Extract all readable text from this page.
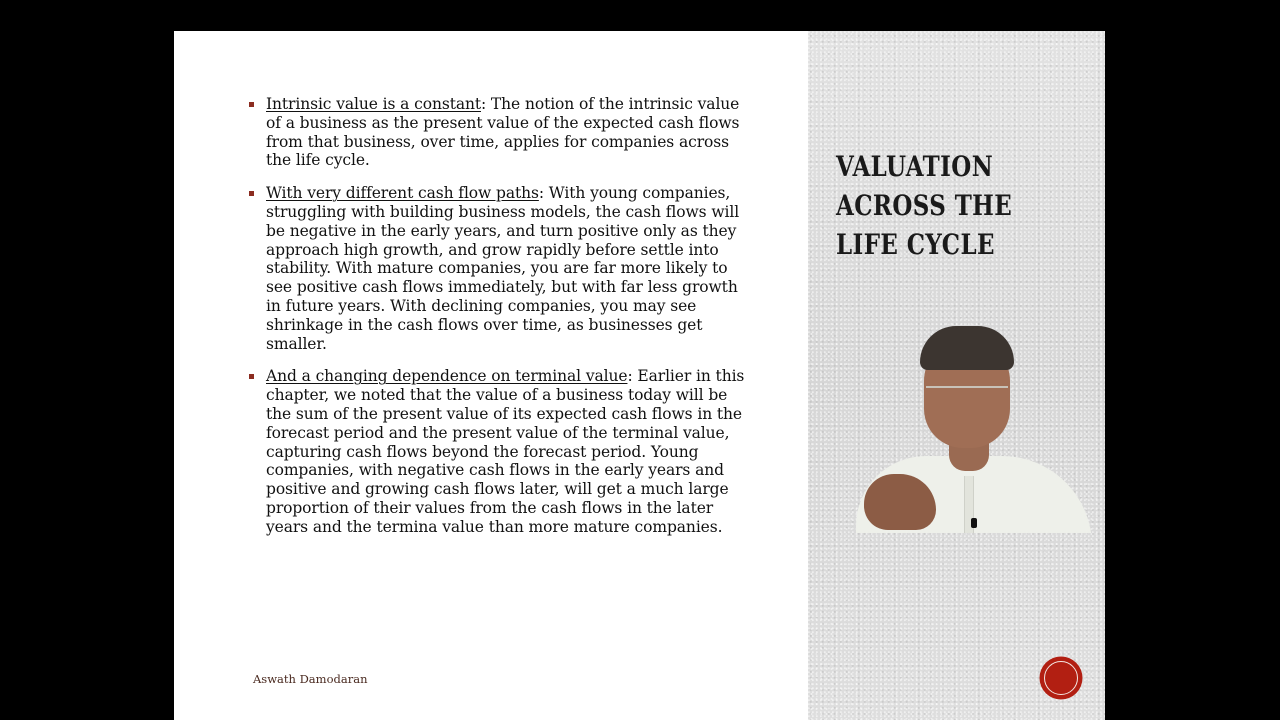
Intrinsic value is a constant: The notion of the intrinsic value of a business as the present value of the expected cash flows from that business, over time, applies for companies across the life cycle.
With very different cash flow paths: With young companies, struggling with building business models, the cash flows will be negative in the early years, and turn positive only as they approach high growth, and grow rapidly before settle into stability. With mature companies, you are far more likely to see positive cash flows immediately, but with far less growth in future years. With declining companies, you may see shrinkage in the cash flows over time, as businesses get smaller.
And a changing dependence on terminal value: Earlier in this chapter, we noted that the value of a business today will be the sum of the present value of its expected cash flows in the forecast period and the present value of the terminal value, capturing cash flows beyond the forecast period. Young companies, with negative cash flows in the early years and positive and growing cash flows later, will get a much large proportion of their values from the cash flows in the later years and the termina value than more mature companies.
Aswath Damodaran
VALUATION ACROSS THE LIFE CYCLE
